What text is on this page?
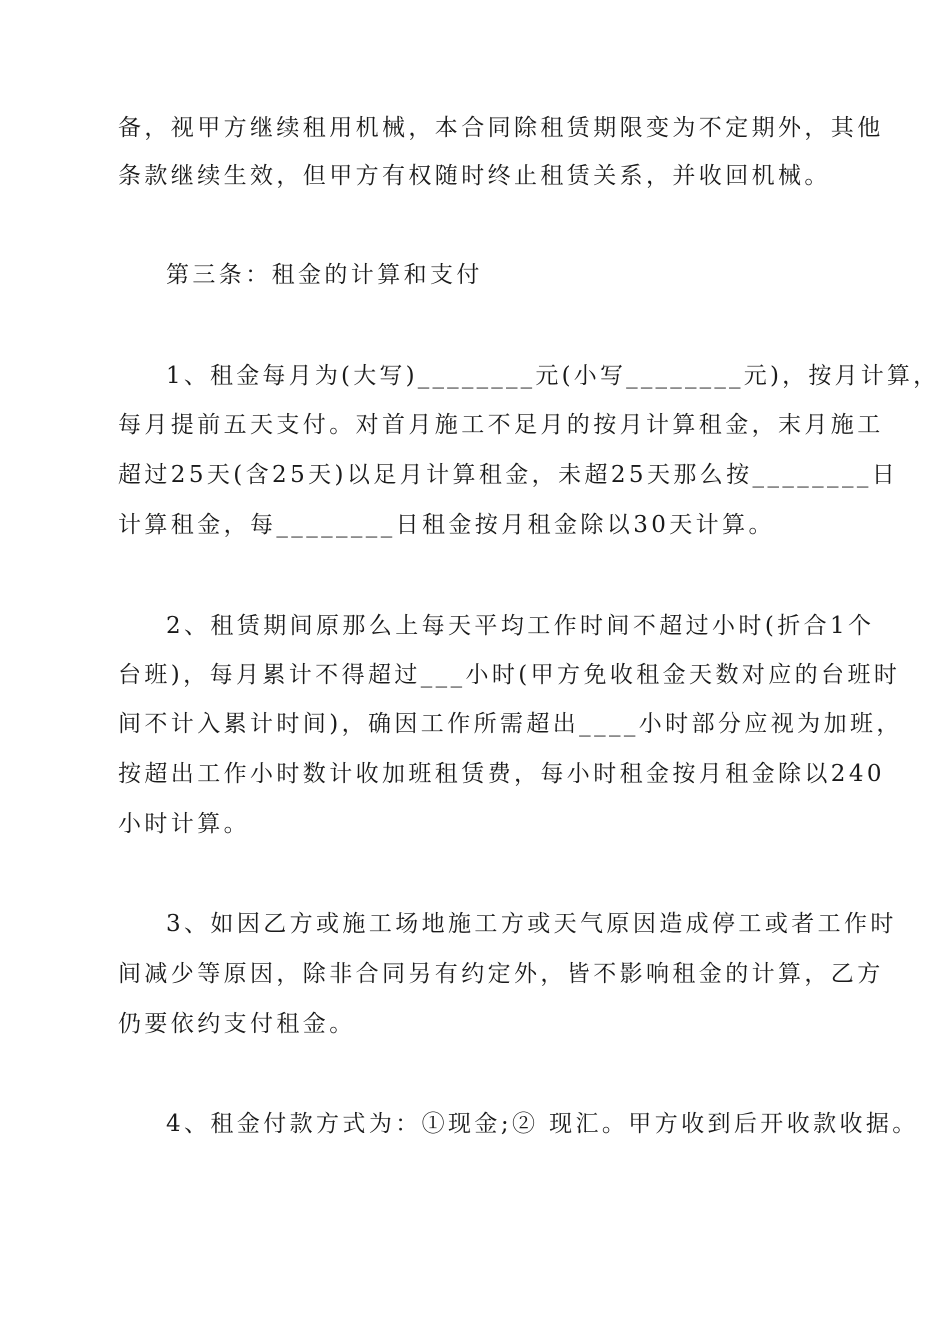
备，视甲方继续租用机械，本合同除租赁期限变为不定期外，其他
条款继续生效，但甲方有权随时终止租赁关系，并收回机械。
第三条：租金的计算和支付
1、租金每月为(大写)________元(小写________元)，按月计算，
每月提前五天支付。对首月施工不足月的按月计算租金，末月施工
超过25天(含25天)以足月计算租金，未超25天那么按________日
计算租金，每________日租金按月租金除以30天计算。
2、租赁期间原那么上每天平均工作时间不超过小时(折合1个
台班)，每月累计不得超过___小时(甲方免收租金天数对应的台班时
间不计入累计时间)，确因工作所需超出____小时部分应视为加班，
按超出工作小时数计收加班租赁费，每小时租金按月租金除以240
小时计算。
3、如因乙方或施工场地施工方或天气原因造成停工或者工作时
间减少等原因，除非合同另有约定外，皆不影响租金的计算，乙方
仍要依约支付租金。
4、租金付款方式为：①现金;② 现汇。甲方收到后开收款收据。
